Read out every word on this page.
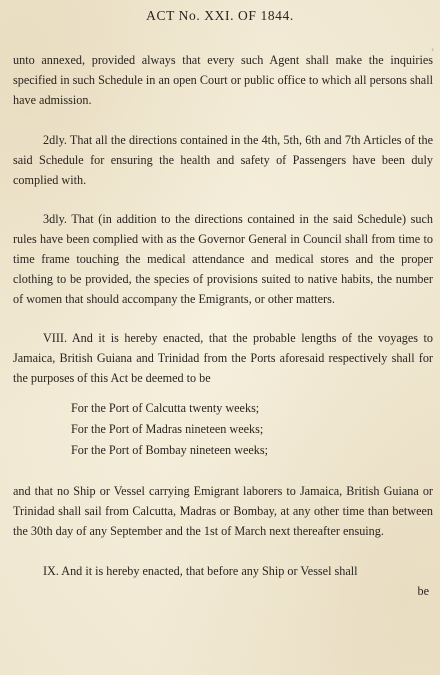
›
ACT No. XXI. OF 1844.

unto annexed, provided always that every such Agent shall make the inquiries specified in such Schedule in an open Court or public office to which all persons shall have admission.

2dly. That all the directions contained in the 4th, 5th, 6th and 7th Articles of the said Schedule for ensuring the health and safety of Passengers have been duly complied with.

3dly. That (in addition to the directions contained in the said Schedule) such rules have been complied with as the Governor General in Council shall from time to time frame touching the medical attendance and medical stores and the proper clothing to be provided, the species of provisions suited to native habits, the number of women that should accompany the Emigrants, or other matters.

VIII. And it is hereby enacted, that the probable lengths of the voyages to Jamaica, British Guiana and Trinidad from the Ports aforesaid respectively shall for the purposes of this Act be deemed to be

For the Port of Calcutta twenty weeks;
For the Port of Madras nineteen weeks;
For the Port of Bombay nineteen weeks;

and that no Ship or Vessel carrying Emigrant laborers to Jamaica, British Guiana or Trinidad shall sail from Calcutta, Madras or Bombay, at any other time than between the 30th day of any September and the 1st of March next thereafter ensuing.

IX. And it is hereby enacted, that before any Ship or Vessel shall

be
